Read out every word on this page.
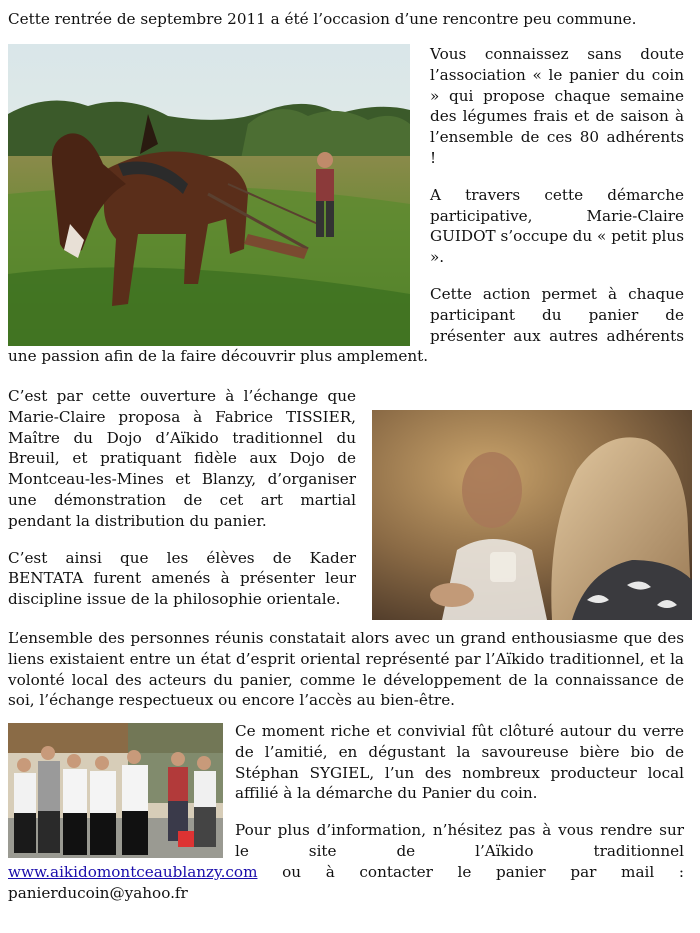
Cette rentrée de septembre 2011 a été l’occasion d’une rencontre peu commune.

Vous connaissez sans doute l’association « le panier du coin » qui propose chaque semaine des légumes frais et de saison à l’ensemble de ces 80 adhérents !

A travers cette démarche participative, Marie-Claire GUIDOT s’occupe du « petit plus ».

Cette action permet à chaque participant du panier de présenter aux autres adhérents une passion afin de la faire découvrir plus amplement.

C’est par cette ouverture à l’échange que Marie-Claire proposa à Fabrice TISSIER, Maître du Dojo d’Aïkido traditionnel du Breuil, et pratiquant fidèle aux Dojo de Montceau-les-Mines et Blanzy, d’organiser une démonstration de cet art martial pendant la distribution du panier.

C’est ainsi que les élèves de Kader BENTATA furent amenés à présenter leur discipline issue de la philosophie orientale.

L’ensemble des personnes réunis constatait alors avec un grand enthousiasme que des liens existaient entre un état d’esprit oriental représenté par l’Aïkido traditionnel, et la volonté local des acteurs du panier, comme le développement de la connaissance de soi, l’échange respectueux ou encore l’accès au bien-être.

Ce moment riche et convivial fût clôturé autour du verre de l’amitié, en dégustant la savoureuse bière bio de Stéphan SYGIEL, l’un des nombreux producteur local affilié à la démarche du Panier du coin.

Pour plus d’information, n’hésitez pas à vous rendre sur le site de l’Aïkido traditionnel www.aikidomontceaublanzy.com ou à contacter le panier par mail : panierducoin@yahoo.fr
